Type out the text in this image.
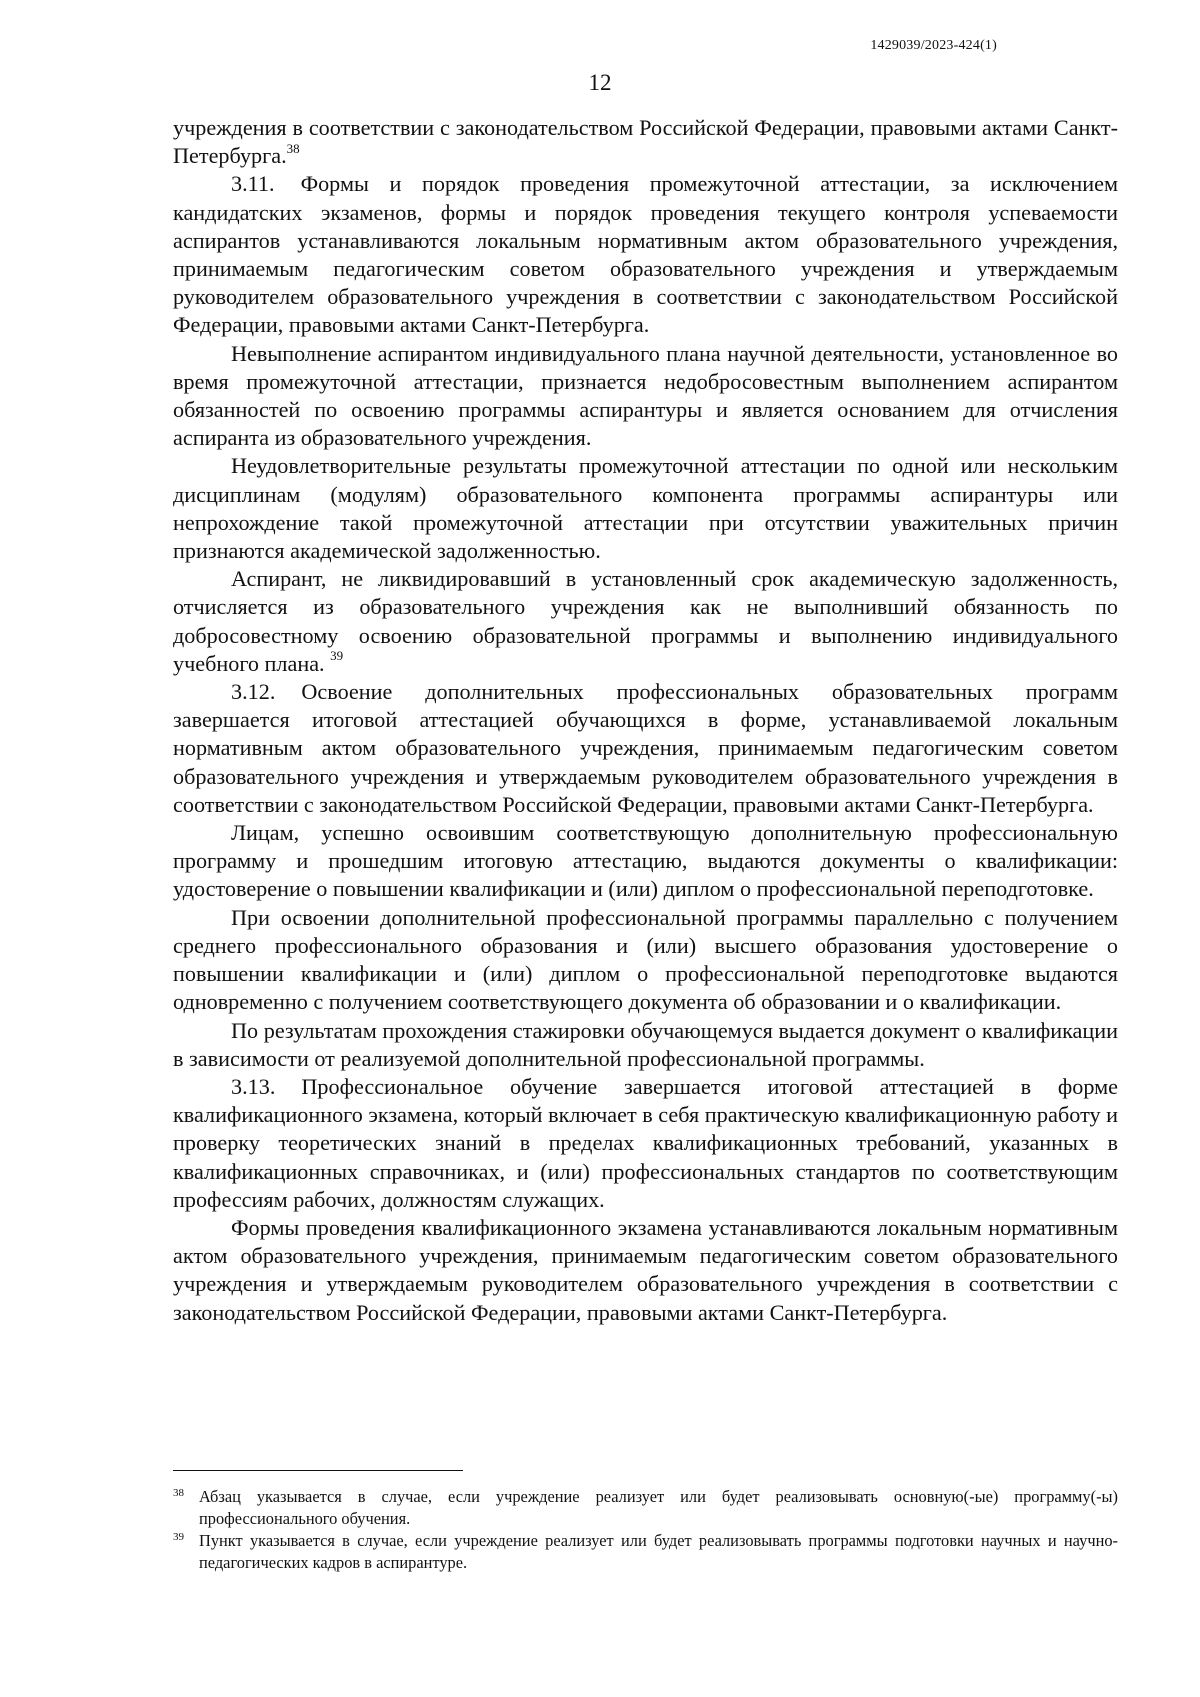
1429039/2023-424(1)
12

учреждения в соответствии с законодательством Российской Федерации, правовыми актами Санкт-Петербурга.$^{38}$

3.11. Формы и порядок проведения промежуточной аттестации, за исключением кандидатских экзаменов, формы и порядок проведения текущего контроля успеваемости аспирантов устанавливаются локальным нормативным актом образовательного учреждения, принимаемым педагогическим советом образовательного учреждения и утверждаемым руководителем образовательного учреждения в соответствии с законодательством Российской Федерации, правовыми актами Санкт-Петербурга.

Невыполнение аспирантом индивидуального плана научной деятельности, установленное во время промежуточной аттестации, признается недобросовестным выполнением аспирантом обязанностей по освоению программы аспирантуры и является основанием для отчисления аспиранта из образовательного учреждения.

Неудовлетворительные результаты промежуточной аттестации по одной или нескольким дисциплинам (модулям) образовательного компонента программы аспирантуры или непрохождение такой промежуточной аттестации при отсутствии уважительных причин признаются академической задолженностью.

Аспирант, не ликвидировавший в установленный срок академическую задолженность, отчисляется из образовательного учреждения как не выполнивший обязанность по добросовестному освоению образовательной программы и выполнению индивидуального учебного плана. $^{39}$

3.12. Освоение дополнительных профессиональных образовательных программ завершается итоговой аттестацией обучающихся в форме, устанавливаемой локальным нормативным актом образовательного учреждения, принимаемым педагогическим советом образовательного учреждения и утверждаемым руководителем образовательного учреждения в соответствии с законодательством Российской Федерации, правовыми актами Санкт-Петербурга.

Лицам, успешно освоившим соответствующую дополнительную профессиональную программу и прошедшим итоговую аттестацию, выдаются документы о квалификации: удостоверение о повышении квалификации и (или) диплом о профессиональной переподготовке.

При освоении дополнительной профессиональной программы параллельно с получением среднего профессионального образования и (или) высшего образования удостоверение о повышении квалификации и (или) диплом о профессиональной переподготовке выдаются одновременно с получением соответствующего документа об образовании и о квалификации.

По результатам прохождения стажировки обучающемуся выдается документ о квалификации в зависимости от реализуемой дополнительной профессиональной программы.

3.13. Профессиональное обучение завершается итоговой аттестацией в форме квалификационного экзамена, который включает в себя практическую квалификационную работу и проверку теоретических знаний в пределах квалификационных требований, указанных в квалификационных справочниках, и (или) профессиональных стандартов по соответствующим профессиям рабочих, должностям служащих.

Формы проведения квалификационного экзамена устанавливаются локальным нормативным актом образовательного учреждения, принимаемым педагогическим советом образовательного учреждения и утверждаемым руководителем образовательного учреждения в соответствии с законодательством Российской Федерации, правовыми актами Санкт-Петербурга.

38 Абзац указывается в случае, если учреждение реализует или будет реализовывать основную(-ые) программу(-ы) профессионального обучения.

39 Пункт указывается в случае, если учреждение реализует или будет реализовывать программы подготовки научных и научно-педагогических кадров в аспирантуре.
